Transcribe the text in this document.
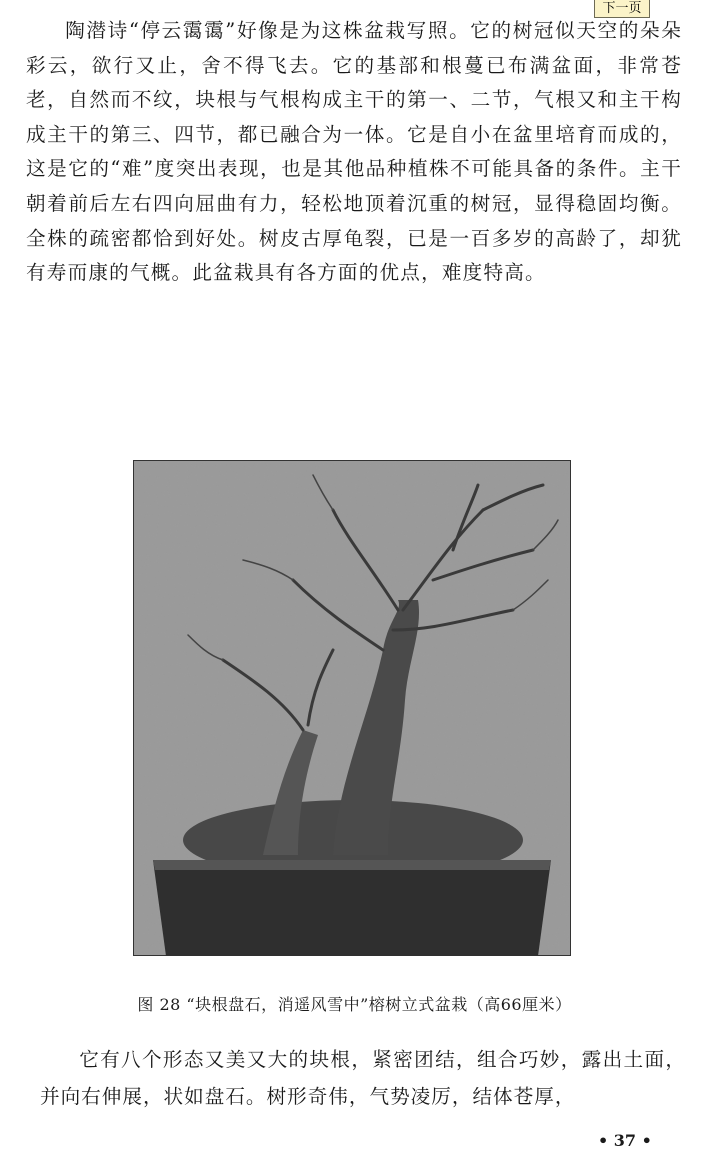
下一页

陶潜诗“停云霭霭”好像是为这株盆栽写照。它的树冠似天空的朵朵彩云，欲行又止，舍不得飞去。它的基部和根蔓已布满盆面，非常苍老，自然而不纹，块根与气根构成主干的第一、二节，气根又和主干构成主干的第三、四节，都已融合为一体。它是自小在盆里培育而成的，这是它的“难”度突出表现，也是其他品种植株不可能具备的条件。主干朝着前后左右四向屈曲有力，轻松地顶着沉重的树冠，显得稳固均衡。全株的疏密都恰到好处。树皮古厚龟裂，已是一百多岁的高龄了，却犹有寿而康的气概。此盆栽具有各方面的优点，难度特高。

图 28 “块根盘石，消遥风雪中”榕树立式盆栽（高66厘米）

它有八个形态又美又大的块根，紧密团结，组合巧妙，露出土面，并向右伸展，状如盘石。树形奇伟，气势凌厉，结体苍厚，

• 37 •
